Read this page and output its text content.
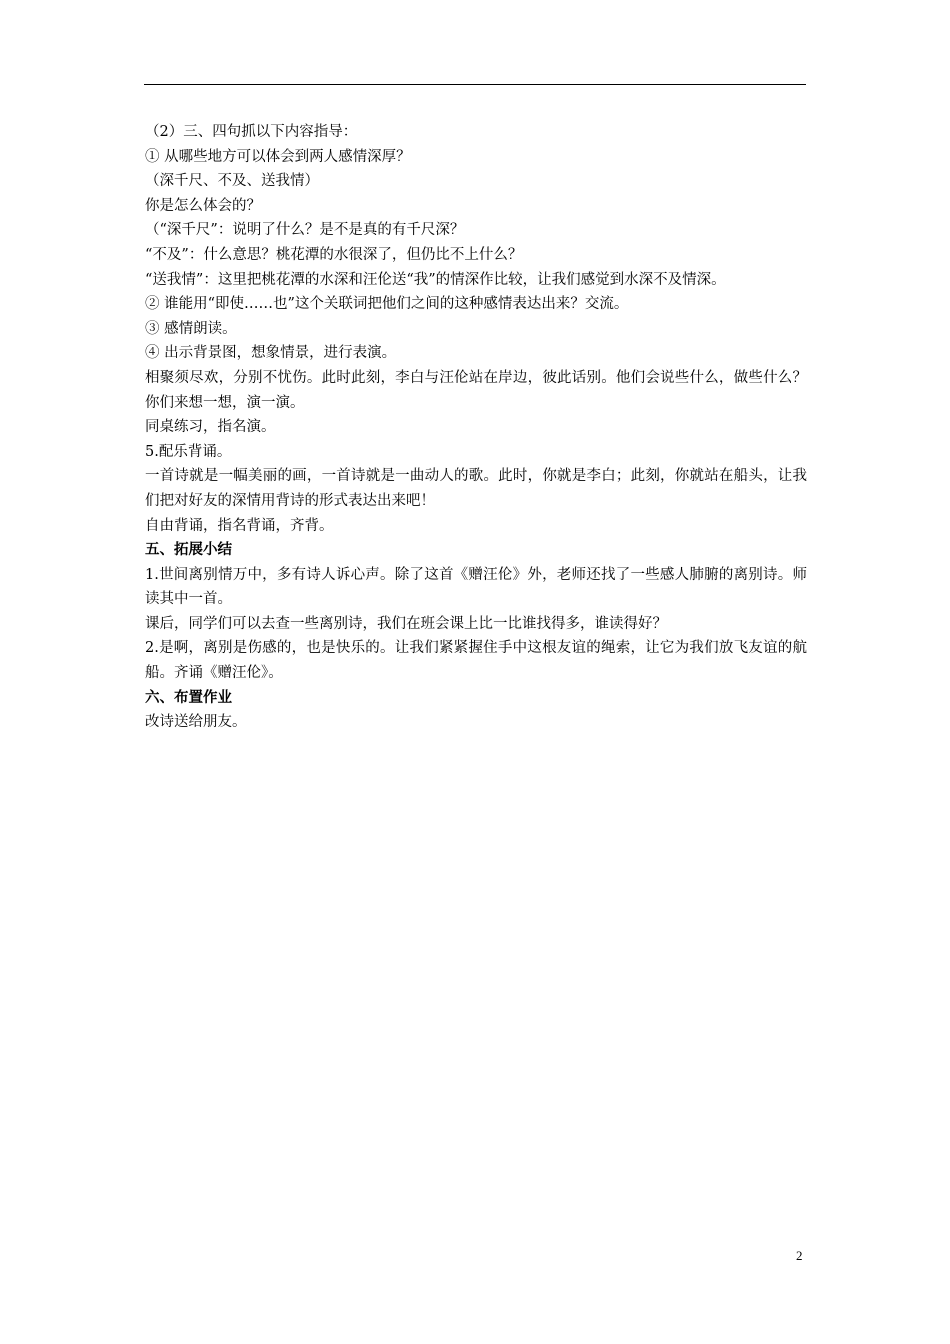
（2）三、四句抓以下内容指导：

① 从哪些地方可以体会到两人感情深厚？

（深千尺、不及、送我情）

你是怎么体会的？

（“深千尺”：说明了什么？是不是真的有千尺深？

“不及”：什么意思？桃花潭的水很深了，但仍比不上什么？

“送我情”：这里把桃花潭的水深和汪伦送“我”的情深作比较，让我们感觉到水深不及情深。

② 谁能用“即使……也”这个关联词把他们之间的这种感情表达出来？交流。

③ 感情朗读。

④ 出示背景图，想象情景，进行表演。

相聚须尽欢，分别不忧伤。此时此刻，李白与汪伦站在岸边，彼此话别。他们会说些什么，做些什么？你们来想一想，演一演。

同桌练习，指名演。

5.配乐背诵。

一首诗就是一幅美丽的画，一首诗就是一曲动人的歌。此时，你就是李白；此刻，你就站在船头，让我们把对好友的深情用背诗的形式表达出来吧！

自由背诵，指名背诵，齐背。

五、拓展小结

1.世间离别情万中，多有诗人诉心声。除了这首《赠汪伦》外，老师还找了一些感人肺腑的离别诗。师读其中一首。

课后，同学们可以去查一些离别诗，我们在班会课上比一比谁找得多，谁读得好？

2.是啊，离别是伤感的，也是快乐的。让我们紧紧握住手中这根友谊的绳索，让它为我们放飞友谊的航船。齐诵《赠汪伦》。

六、布置作业

改诗送给朋友。

2
